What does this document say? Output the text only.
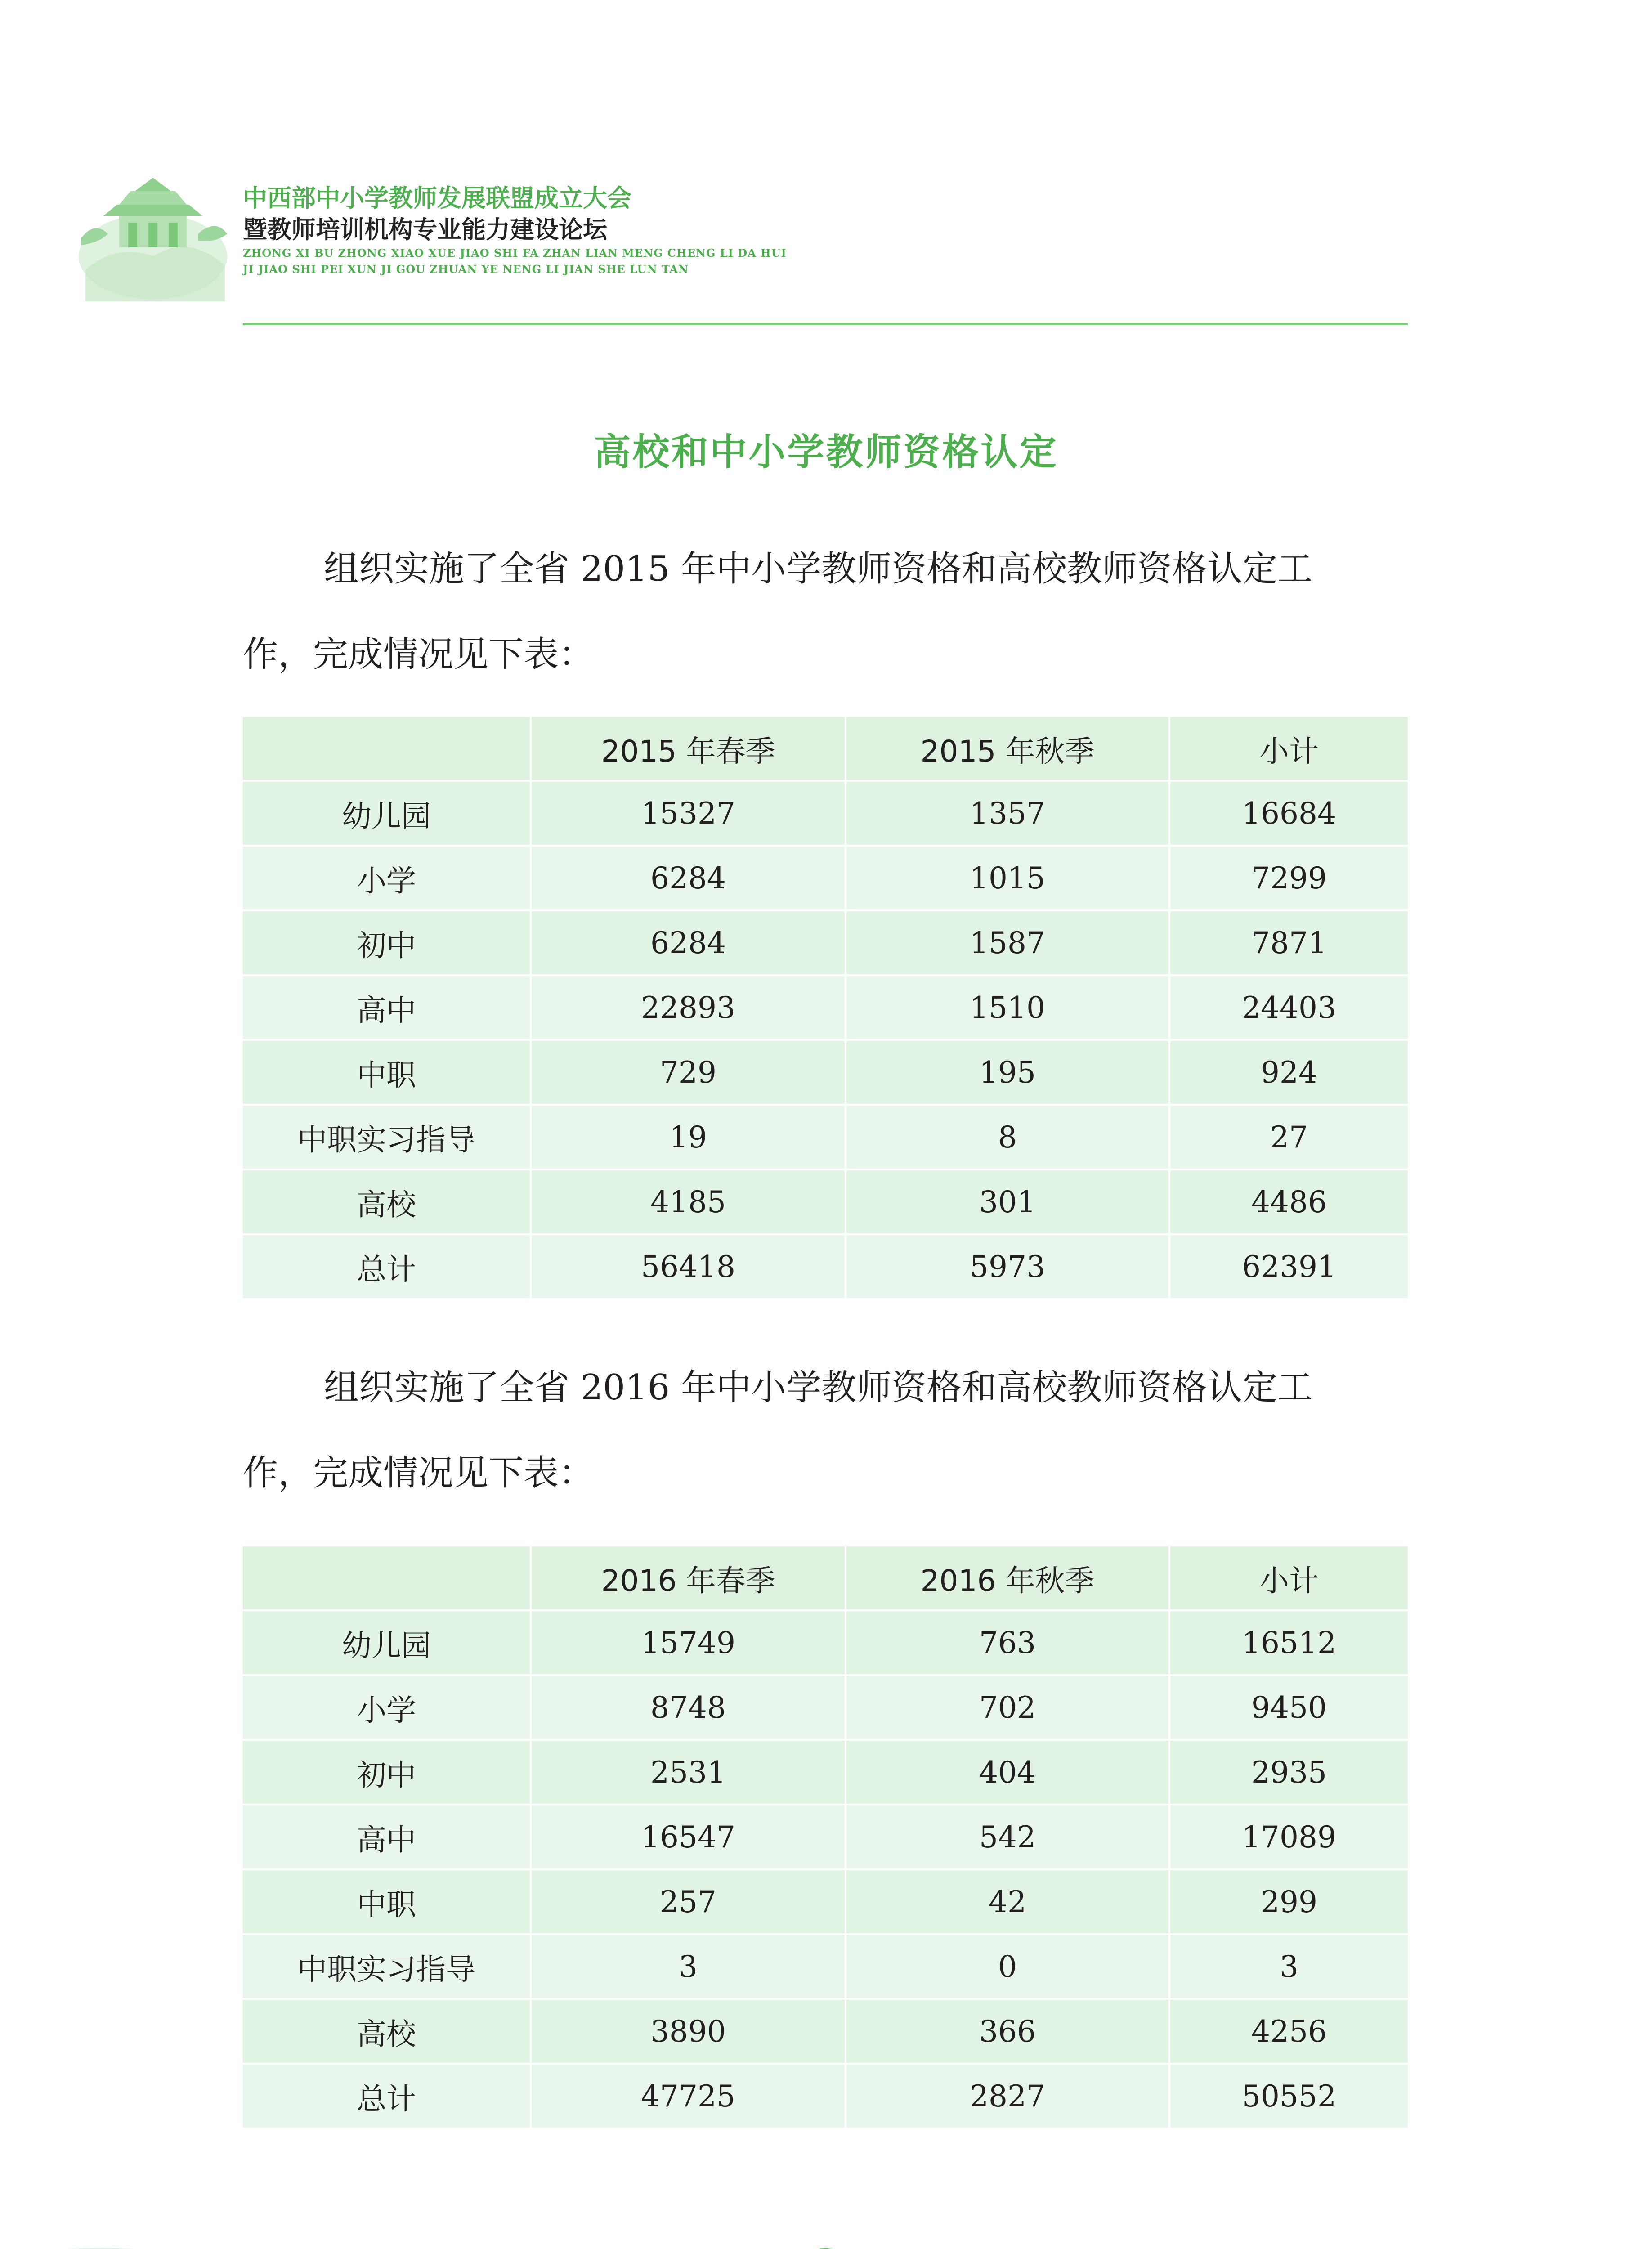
中西部中小学教师发展联盟成立大会
暨教师培训机构专业能力建设论坛
ZHONG XI BU ZHONG XIAO XUE JIAO SHI FA ZHAN LIAN MENG CHENG LI DA HUI
JI JIAO SHI PEI XUN JI GOU ZHUAN YE NENG LI JIAN SHE LUN TAN
高校和中小学教师资格认定
组织实施了全省 2015 年中小学教师资格和高校教师资格认定工
作，完成情况见下表：
	2015 年春季	2015 年秋季	小计
幼儿园	15327	1357	16684
小学	6284	1015	7299
初中	6284	1587	7871
高中	22893	1510	24403
中职	729	195	924
中职实习指导	19	8	27
高校	4185	301	4486
总计	56418	5973	62391
组织实施了全省 2016 年中小学教师资格和高校教师资格认定工
作，完成情况见下表：
	2016 年春季	2016 年秋季	小计
幼儿园	15749	763	16512
小学	8748	702	9450
初中	2531	404	2935
高中	16547	542	17089
中职	257	42	299
中职实习指导	3	0	3
高校	3890	366	4256
总计	47725	2827	50552
